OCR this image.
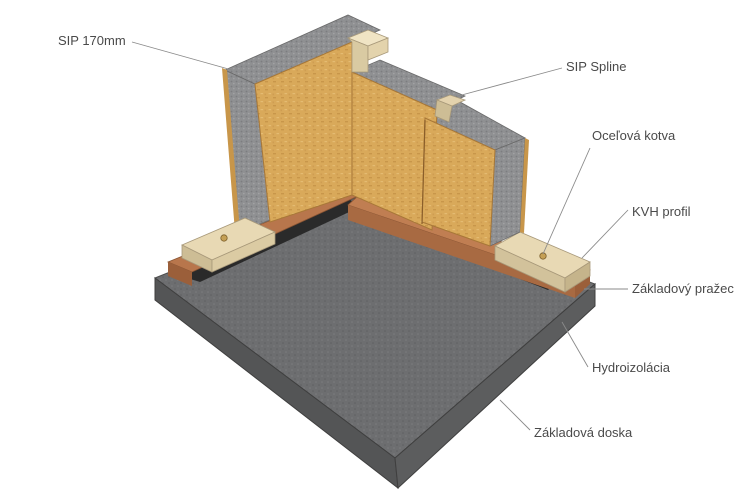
SIP 170mm
SIP Spline
Oceľová kotva
KVH profil
Základový pražec
Hydroizolácia
Základová doska
